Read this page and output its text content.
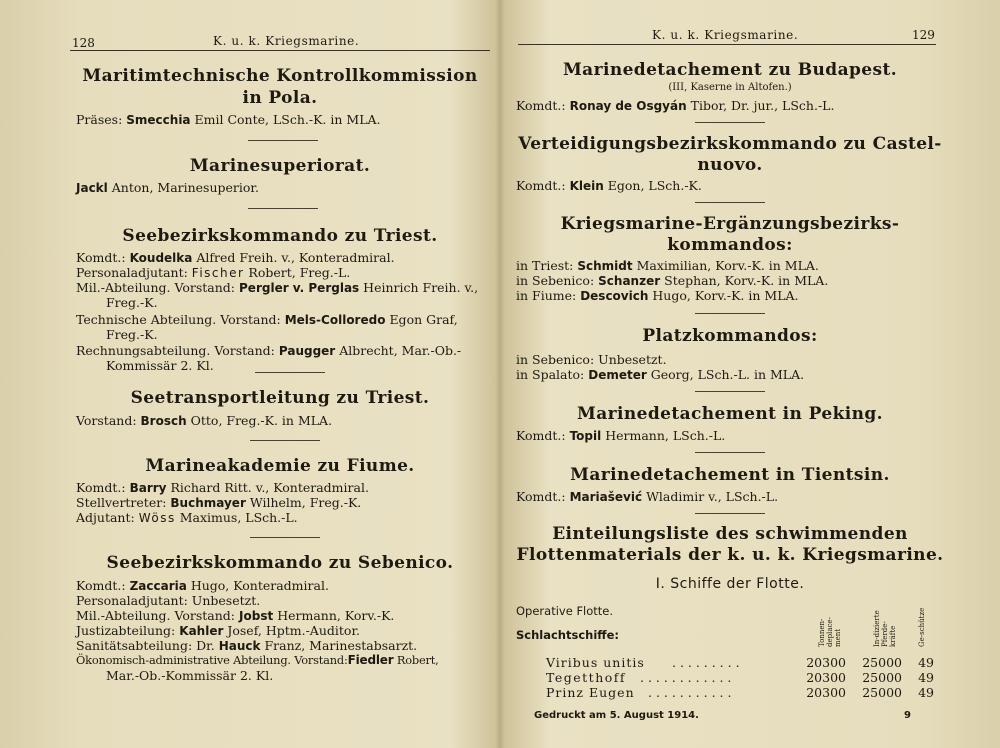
128	K. u. k. Kriegsmarine.
Maritimtechnische Kontrollkommission
in Pola.
Präses: Smecchia Emil Conte, LSch.-K. in MLA.
Marinesuperiorat.
Jackl Anton, Marinesuperior.
Seebezirkskommando zu Triest.
Komdt.: Koudelka Alfred Freih. v., Konteradmiral.
Personaladjutant: Fischer Robert, Freg.-L.
Mil.-Abteilung. Vorstand: Pergler v. Perglas Heinrich Freih. v.,
Freg.-K.
Technische Abteilung. Vorstand: Mels-Colloredo Egon Graf,
Freg.-K.
Rechnungsabteilung. Vorstand: Paugger Albrecht, Mar.-Ob.-
Kommissär 2. Kl.
Seetransportleitung zu Triest.
Vorstand: Brosch Otto, Freg.-K. in MLA.
Marineakademie zu Fiume.
Komdt.: Barry Richard Ritt. v., Konteradmiral.
Stellvertreter: Buchmayer Wilhelm, Freg.-K.
Adjutant: Wöss Maximus, LSch.-L.
Seebezirkskommando zu Sebenico.
Komdt.: Zaccaria Hugo, Konteradmiral.
Personaladjutant: Unbesetzt.
Mil.-Abteilung. Vorstand: Jobst Hermann, Korv.-K.
Justizabteilung: Kahler Josef, Hptm.-Auditor.
Sanitätsabteilung: Dr. Hauck Franz, Marinestabsarzt.
Ökonomisch-administrative Abteilung. Vorstand:Fiedler Robert,
Mar.-Ob.-Kommissär 2. Kl.
K. u. k. Kriegsmarine.	129
Marinedetachement zu Budapest.
(III, Kaserne in Altofen.)
Komdt.: Ronay de Osgyán Tibor, Dr. jur., LSch.-L.
Verteidigungsbezirkskommando zu Castel-
nuovo.
Komdt.: Klein Egon, LSch.-K.
Kriegsmarine-Ergänzungsbezirks-
kommandos:
in Triest: Schmidt Maximilian, Korv.-K. in MLA.
in Sebenico: Schanzer Stephan, Korv.-K. in MLA.
in Fiume: Descovich Hugo, Korv.-K. in MLA.
Platzkommandos:
in Sebenico: Unbesetzt.
in Spalato: Demeter Georg, LSch.-L. in MLA.
Marinedetachement in Peking.
Komdt.: Topil Hermann, LSch.-L.
Marinedetachement in Tientsin.
Komdt.: Mariašević Wladimir v., LSch.-L.
Einteilungsliste des schwimmenden
Flottenmaterials der k. u. k. Kriegsmarine.
I. Schiffe der Flotte.
Operative Flotte.
Schlachtschiffe:	Tonnen-deplace-ment	In-dizierte Pferde-kräfte	Ge-schütze
Viribus unitis . . . . . . . . .	20300	25000	49
Tegetthoff . . . . . . . . . . . .	20300	25000	49
Prinz Eugen . . . . . . . . . . .	20300	25000	49
Gedruckt am 5. August 1914.	9
